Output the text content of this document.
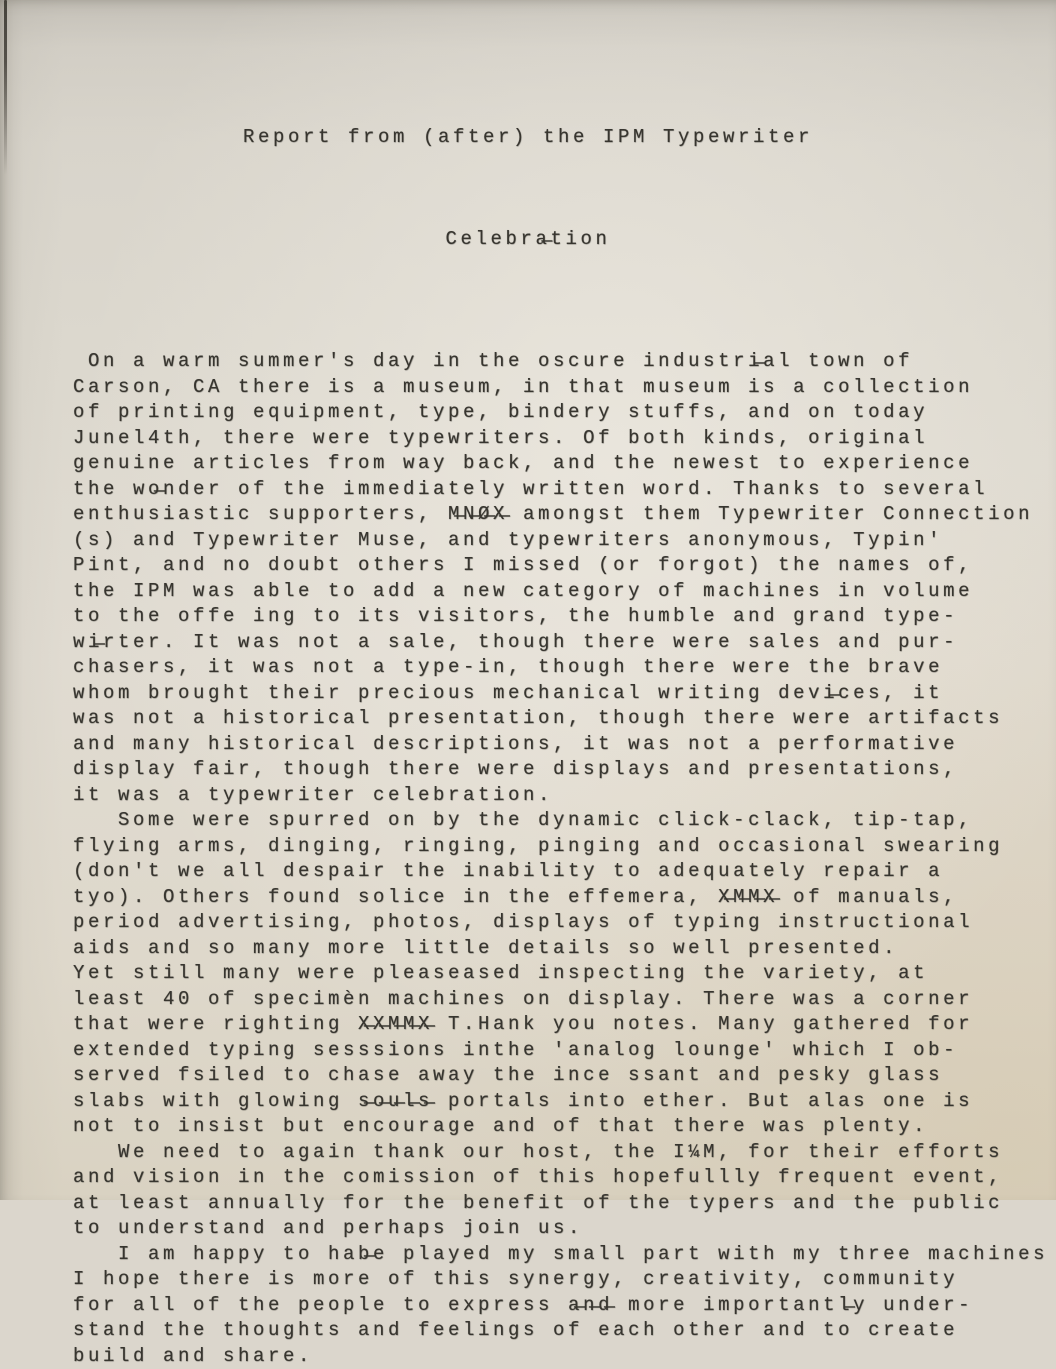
Report from (after) the IPM Typewriter

Celebra̶tion

On a warm summer's day in the oscure industri̶al town of
Carson, CA there is a museum, in that museum is a collection
of printing equipment, type, bindery stuffs, and on today
Junel4th, there were typewriters. Of both kinds, original
genuine articles from way back, and the newest to experience
the wo̶nder of the immediately written word. Thanks to several
enthusiastic supporters, M̶N̶Ø̶X̶ amongst them Typewriter Connection
(s) and Typewriter Muse, and typewriters anonymous, Typin'
Pint, and no doubt others I missed (or forgot) the names of,
the IPM was able to add a new category of machines in volume
to the offe ing to its visitors, the humble and grand type-
wi̶rter. It was not a sale, though there were sales and pur-
chasers, it was not a type-in, though there were the brave
whom brought their precious mechanical writing devi̶ces, it
was not a historical presentation, though there were artifacts
and many historical descriptions, it was not a performative
display fair, though there were displays and presentations,
it was a typewriter celebration.

Some were spurred on by the dynamic click-clack, tip-tap,
flying arms, dinging, ringing, pinging and occasional swearing
(don't we all despair the inability to adequately repair a
tyo). Others found solice in the effemera, X̶M̶M̶X̶ of manuals,
period advertising, photos, displays of typing instructional
aids and so many more little details so well presented.
Yet still many were pleaseased inspecting the variety, at
least 40 of specimèn machines on display. There was a corner
that were righting X̶X̶M̶M̶X̶ T.Hank you notes. Many gathered for
extended typing sesssions inthe 'analog lounge' which I ob-
served fsiled to chase away the ince ssant and pesky glass
slabs with glowing s̶o̶u̶l̶s̶ portals into ether. But alas one is
not to insist but encourage and of that there was plenty.

We need to again thank our host, the I¼M, for their efforts
and vision in the comission of this hopefullly frequent event,
at least annually for the benefit of the typers and the public
to understand and perhaps join us.

I am happy to hab̶e played my small part with my three machines
I hope there is more of this synergy, creativity, community
for all of the people to express a̶n̶d̶ more importantl̶y under-
stand the thoughts and feelings of each other and to create
build and share.
